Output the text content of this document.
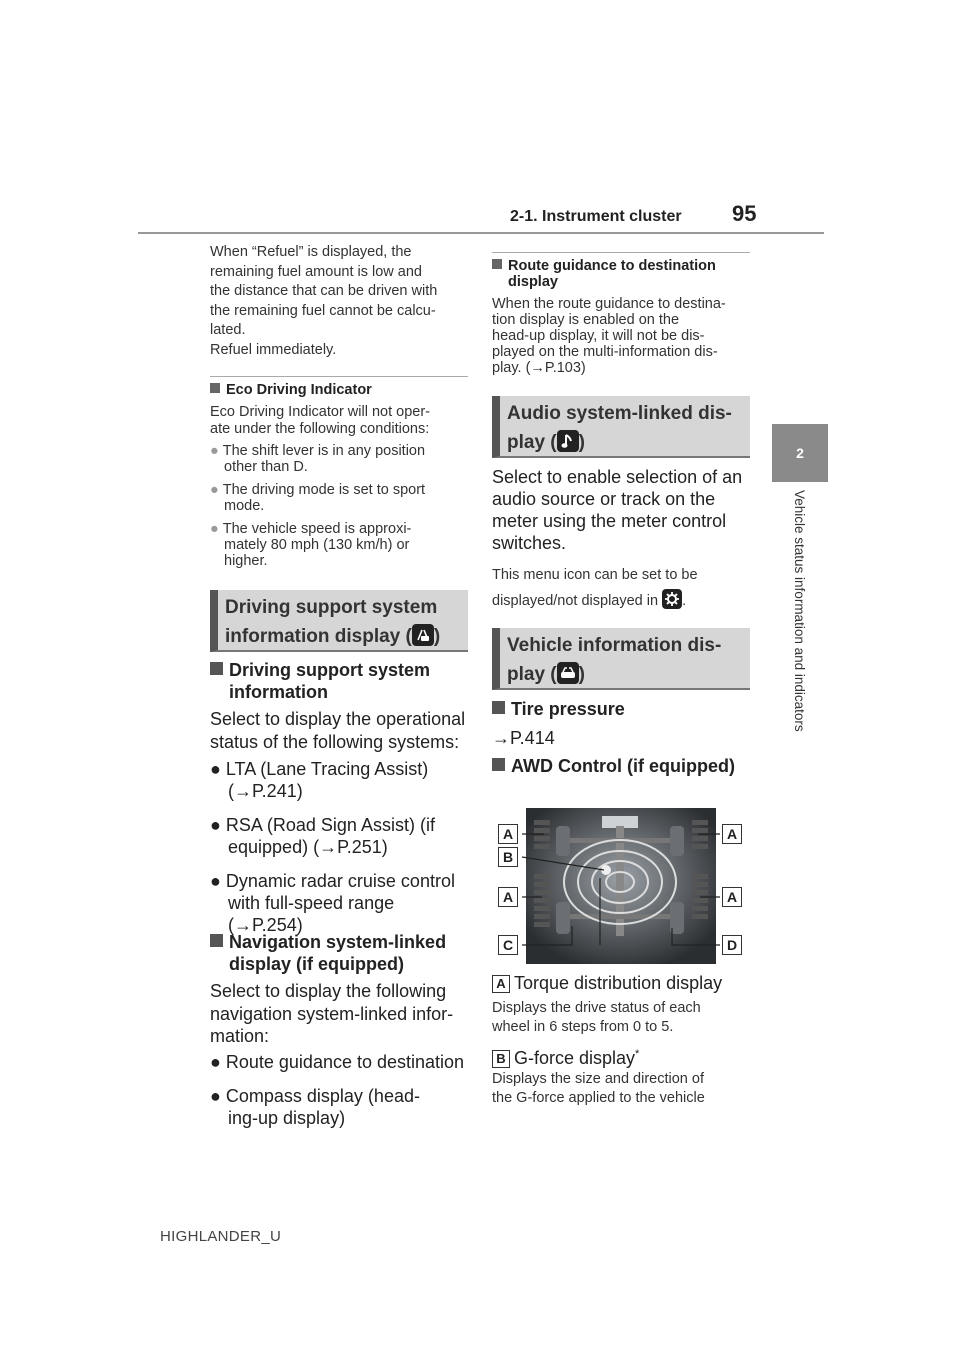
2-1. Instrument cluster 95
2
Vehicle status information and indicators
When “Refuel” is displayed, the
remaining fuel amount is low and
the distance that can be driven with
the remaining fuel cannot be calcu-
lated.
Refuel immediately.
Eco Driving Indicator
Eco Driving Indicator will not oper-
ate under the following conditions:
● The shift lever is in any position
other than D.
● The driving mode is set to sport
mode.
● The vehicle speed is approxi-
mately 80 mph (130 km/h) or
higher.
Driving support system
information display ( )
Driving support system
information
Select to display the operational
status of the following systems:
● LTA (Lane Tracing Assist)
(→P.241)
● RSA (Road Sign Assist) (if
equipped) (→P.251)
● Dynamic radar cruise control
with full-speed range
(→P.254)
Navigation system-linked
display (if equipped)
Select to display the following
navigation system-linked infor-
mation:
● Route guidance to destination
● Compass display (head-
ing-up display)
Route guidance to destination
display
When the route guidance to destina-
tion display is enabled on the
head-up display, it will not be dis-
played on the multi-information dis-
play. (→P.103)
Audio system-linked dis-
play ( )
Select to enable selection of an
audio source or track on the
meter using the meter control
switches.
This menu icon can be set to be
displayed/not displayed in .
Vehicle information dis-
play ( )
Tire pressure
→P.414
AWD Control (if equipped)
A
B
A
C
A
A
D
A Torque distribution display
Displays the drive status of each
wheel in 6 steps from 0 to 5.
B G-force display*
Displays the size and direction of
the G-force applied to the vehicle
HIGHLANDER_U
